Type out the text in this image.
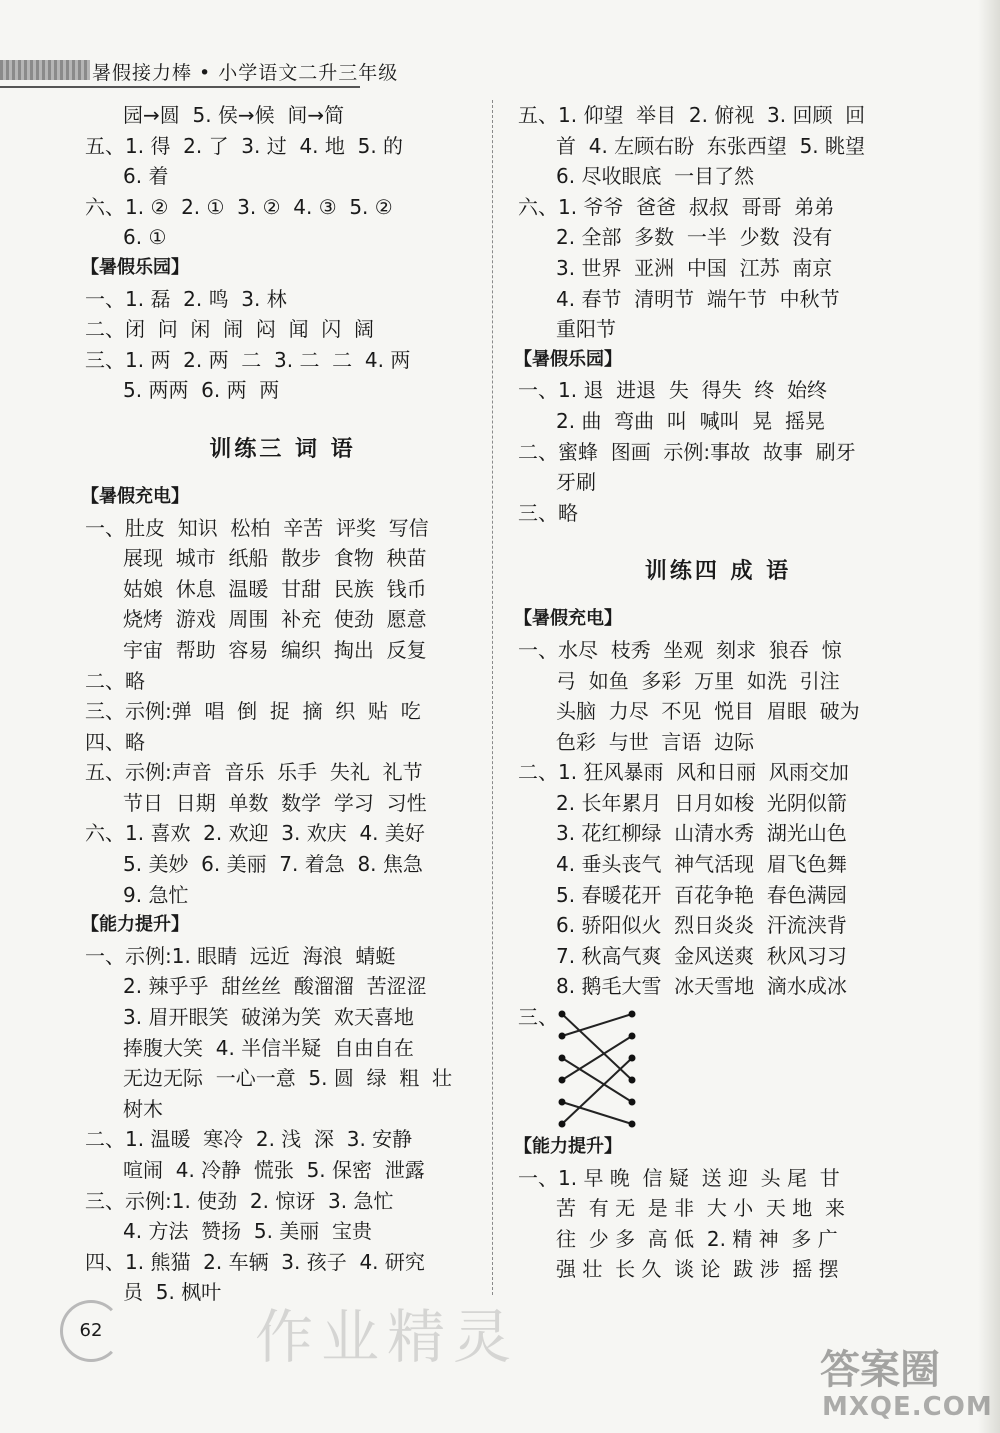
暑假接力棒 • 小学语文二升三年级
园→圆  5. 侯→候  间→简
五、1. 得  2. 了  3. 过  4. 地  5. 的
6. 着
六、1. ②  2. ①  3. ②  4. ③  5. ②
6. ①
【暑假乐园】
一、1. 磊  2. 鸣  3. 林
二、闭  问  闲  闹  闷  闻  闪  阔
三、1. 两  2. 两  二  3. 二  二  4. 两
5. 两两  6. 两  两
训练三 词 语
【暑假充电】
一、肚皮  知识  松柏  辛苦  评奖  写信
展现  城市  纸船  散步  食物  秧苗
姑娘  休息  温暖  甘甜  民族  钱币
烧烤  游戏  周围  补充  使劲  愿意
宇宙  帮助  容易  编织  掏出  反复
二、略
三、示例:弹  唱  倒  捉  摘  织  贴  吃
四、略
五、示例:声音  音乐  乐手  失礼  礼节
节日  日期  单数  数学  学习  习性
六、1. 喜欢  2. 欢迎  3. 欢庆  4. 美好
5. 美妙  6. 美丽  7. 着急  8. 焦急
9. 急忙
【能力提升】
一、示例:1. 眼睛  远近  海浪  蜻蜓
2. 辣乎乎  甜丝丝  酸溜溜  苦涩涩
3. 眉开眼笑  破涕为笑  欢天喜地
捧腹大笑  4. 半信半疑  自由自在
无边无际  一心一意  5. 圆  绿  粗  壮
树木
二、1. 温暖  寒冷  2. 浅  深  3. 安静
喧闹  4. 冷静  慌张  5. 保密  泄露
三、示例:1. 使劲  2. 惊讶  3. 急忙
4. 方法  赞扬  5. 美丽  宝贵
四、1. 熊猫  2. 车辆  3. 孩子  4. 研究
员  5. 枫叶
五、1. 仰望  举目  2. 俯视  3. 回顾  回
首  4. 左顾右盼  东张西望  5. 眺望
6. 尽收眼底  一目了然
六、1. 爷爷  爸爸  叔叔  哥哥  弟弟
2. 全部  多数  一半  少数  没有
3. 世界  亚洲  中国  江苏  南京
4. 春节  清明节  端午节  中秋节
重阳节
【暑假乐园】
一、1. 退  进退  失  得失  终  始终
2. 曲  弯曲  叫  喊叫  晃  摇晃
二、蜜蜂  图画  示例:事故  故事  刷牙
牙刷
三、略
训练四 成 语
【暑假充电】
一、水尽  枝秀  坐观  刻求  狼吞  惊
弓  如鱼  多彩  万里  如洗  引注
头脑  力尽  不见  悦目  眉眼  破为
色彩  与世  言语  边际
二、1. 狂风暴雨  风和日丽  风雨交加
2. 长年累月  日月如梭  光阴似箭
3. 花红柳绿  山清水秀  湖光山色
4. 垂头丧气  神气活现  眉飞色舞
5. 春暖花开  百花争艳  春色满园
6. 骄阳似火  烈日炎炎  汗流浃背
7. 秋高气爽  金风送爽  秋风习习
8. 鹅毛大雪  冰天雪地  滴水成冰
三、
【能力提升】
一、1. 早 晚  信 疑  送 迎  头 尾  甘
苦  有 无  是 非  大 小  天 地  来
往  少 多  高 低  2. 精 神  多 广
强 壮  长 久  谈 论  跋 涉  摇 摆
62	作业精灵	答案圈
MXQE.COM
